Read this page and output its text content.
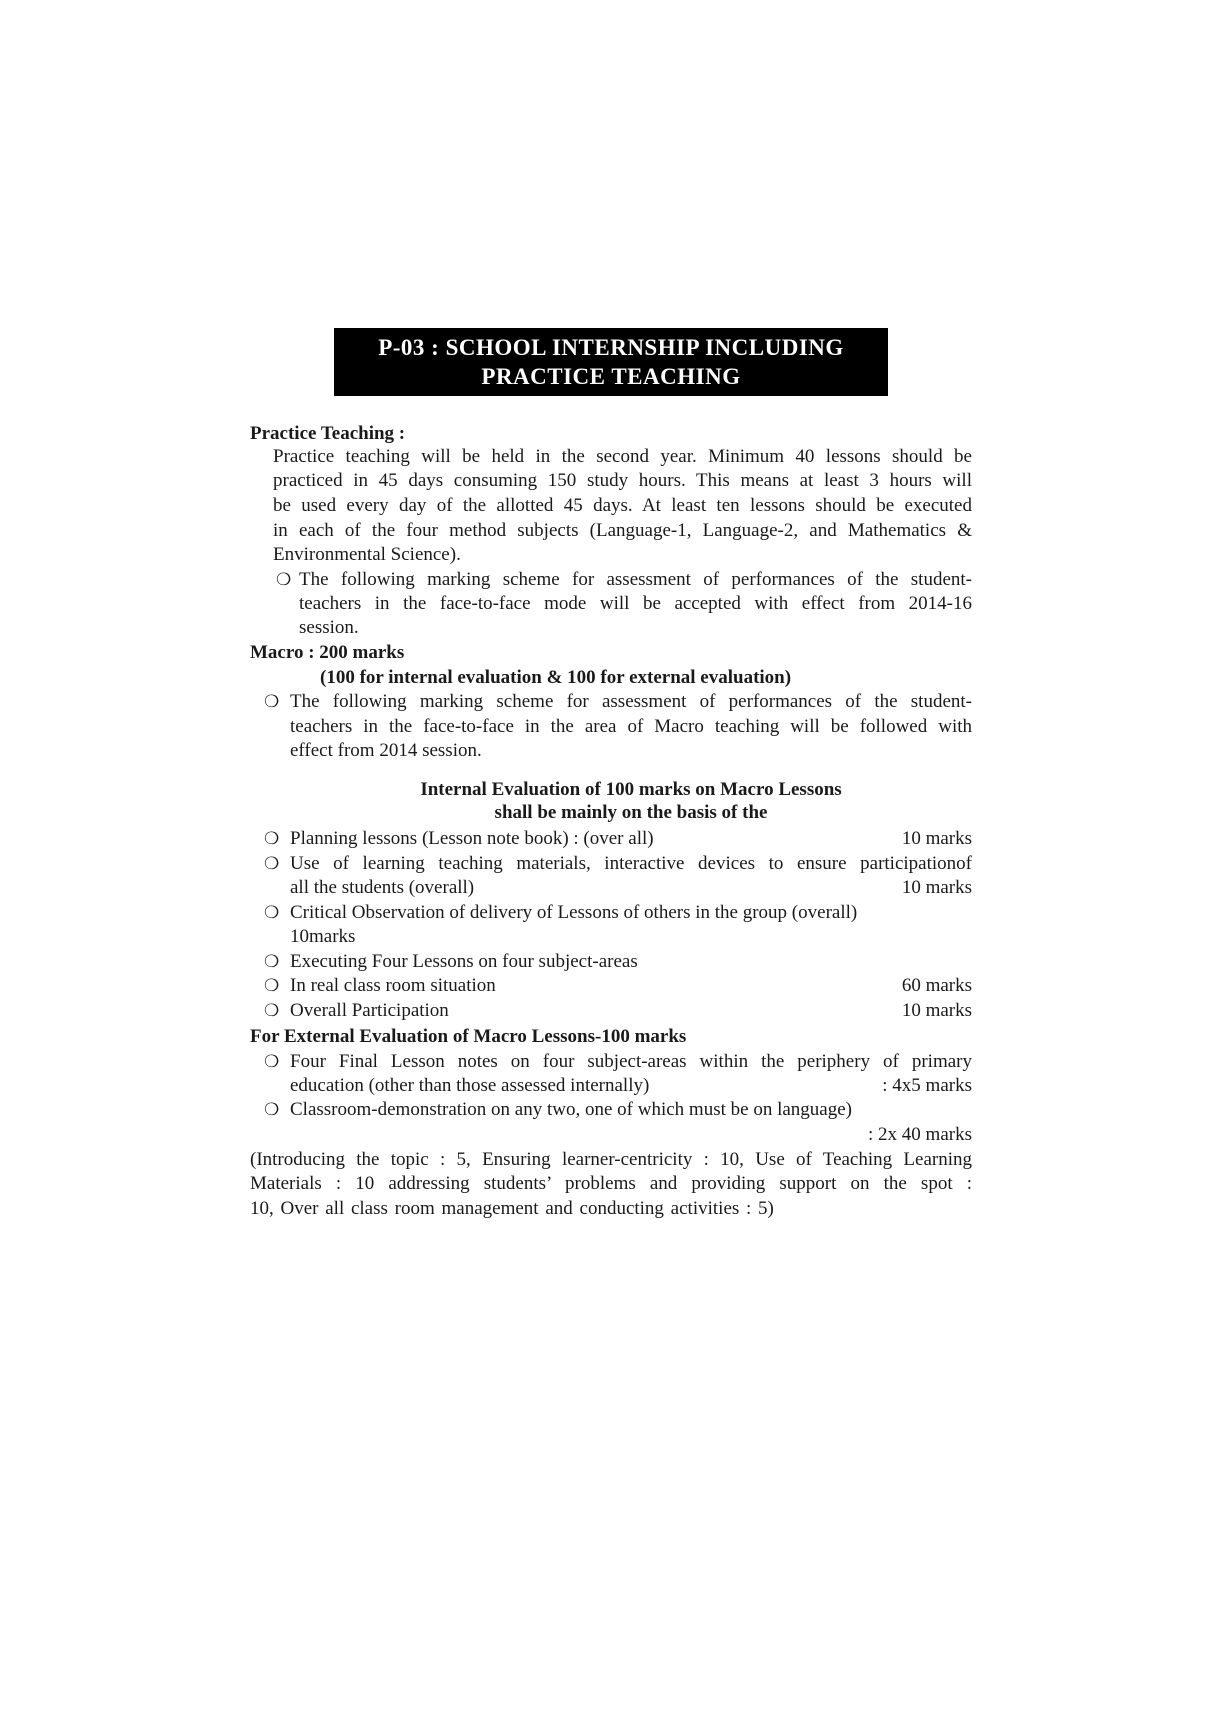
P-03 : SCHOOL INTERNSHIP INCLUDING
PRACTICE TEACHING
Practice Teaching :
Practice teaching will be held in the second year. Minimum 40 lessons should be
practiced in 45 days consuming 150 study hours. This means at least 3 hours will
be used every day of the allotted 45 days. At least ten lessons should be executed
in each of the four method subjects (Language-1, Language-2, and Mathematics &
Environmental Science).
❍ The following marking scheme for assessment of performances of the student-
teachers in the face-to-face mode will be accepted with effect from 2014-16
session.
Macro : 200 marks
(100 for internal evaluation & 100 for external evaluation)
❍ The following marking scheme for assessment of performances of the student-
teachers in the face-to-face in the area of Macro teaching will be followed with
effect from 2014 session.
Internal Evaluation of 100 marks on Macro Lessons
shall be mainly on the basis of the
❍ Planning lessons (Lesson note book) : (over all)	10 marks
❍ Use of learning teaching materials, interactive devices to ensure participationof
all the students (overall)	10 marks
❍ Critical Observation of delivery of Lessons of others in the group (overall)
10marks
❍ Executing Four Lessons on four subject-areas
❍ In real class room situation	60 marks
❍ Overall Participation	10 marks
For External Evaluation of Macro Lessons-100 marks
❍ Four Final Lesson notes on four subject-areas within the periphery of primary
education (other than those assessed internally)	: 4x5 marks
❍ Classroom-demonstration on any two, one of which must be on language)
: 2x 40 marks
(Introducing the topic : 5, Ensuring learner-centricity : 10, Use of Teaching Learning
Materials : 10 addressing students’ problems and providing support on the spot :
10, Over all class room management and conducting activities : 5)
